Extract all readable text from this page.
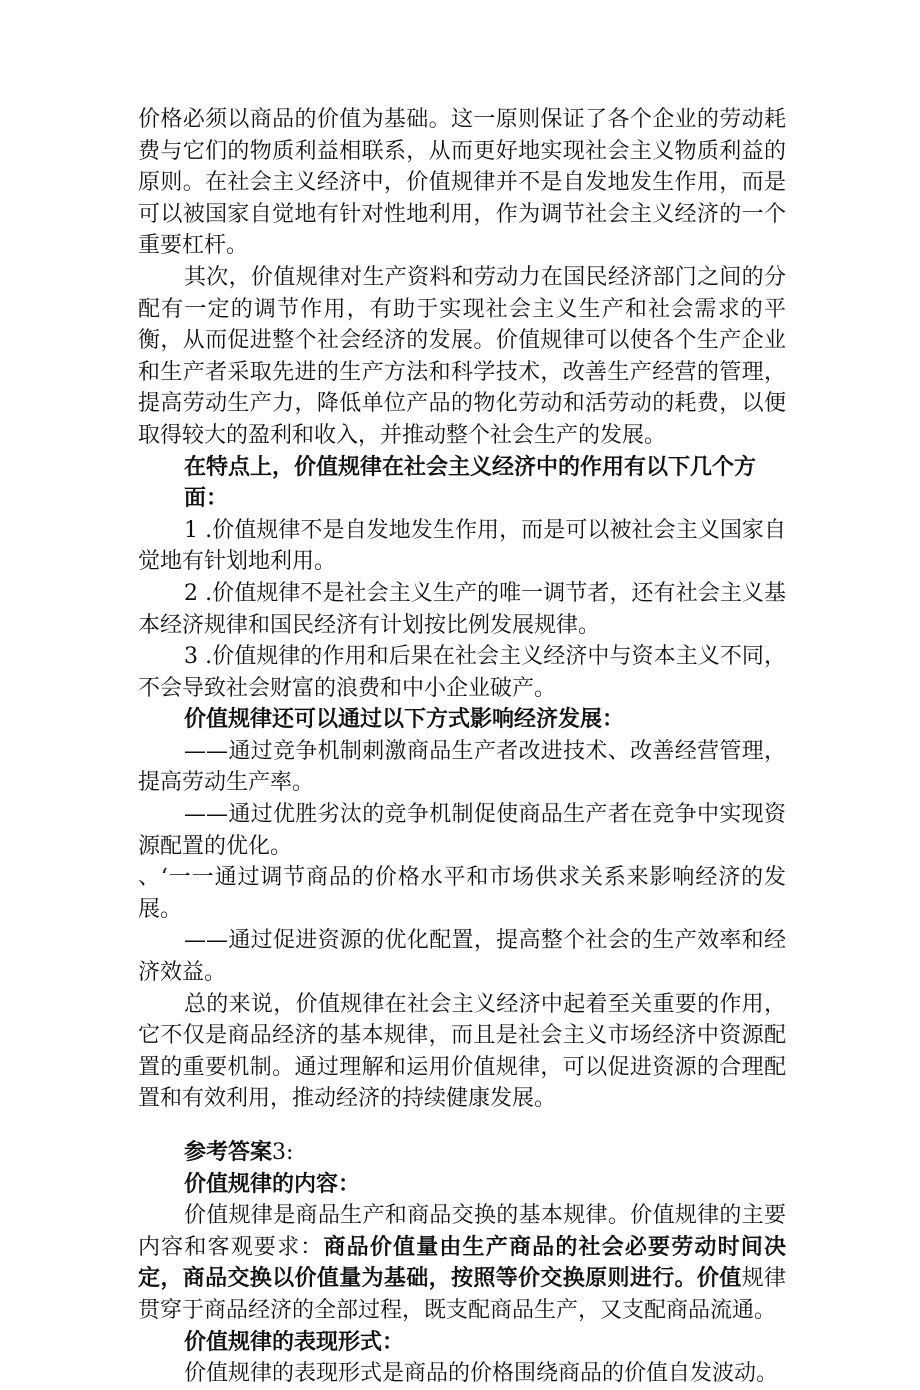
价格必须以商品的价值为基础。这一原则保证了各个企业的劳动耗费与它们的物质利益相联系，从而更好地实现社会主义物质利益的原则。在社会主义经济中，价值规律并不是自发地发生作用，而是可以被国家自觉地有针对性地利用，作为调节社会主义经济的一个重要杠杆。

其次，价值规律对生产资料和劳动力在国民经济部门之间的分配有一定的调节作用，有助于实现社会主义生产和社会需求的平衡，从而促进整个社会经济的发展。价值规律可以使各个生产企业和生产者采取先进的生产方法和科学技术，改善生产经营的管理，提高劳动生产力，降低单位产品的物化劳动和活劳动的耗费，以便取得较大的盈利和收入，并推动整个社会生产的发展。

在特点上，价值规律在社会主义经济中的作用有以下几个方面：

1 .价值规律不是自发地发生作用，而是可以被社会主义国家自觉地有针划地利用。

2 .价值规律不是社会主义生产的唯一调节者，还有社会主义基本经济规律和国民经济有计划按比例发展规律。

3 .价值规律的作用和后果在社会主义经济中与资本主义不同，不会导致社会财富的浪费和中小企业破产。

价值规律还可以通过以下方式影响经济发展：

——通过竞争机制刺激商品生产者改进技术、改善经营管理，提高劳动生产率。

——通过优胜劣汰的竞争机制促使商品生产者在竞争中实现资源配置的优化。

、‘一一通过调节商品的价格水平和市场供求关系来影响经济的发展。

——通过促进资源的优化配置，提高整个社会的生产效率和经济效益。

总的来说，价值规律在社会主义经济中起着至关重要的作用，它不仅是商品经济的基本规律，而且是社会主义市场经济中资源配置的重要机制。通过理解和运用价值规律，可以促进资源的合理配置和有效利用，推动经济的持续健康发展。

参考答案3:

价值规律的内容：

价值规律是商品生产和商品交换的基本规律。价值规律的主要内容和客观要求：商品价值量由生产商品的社会必要劳动时间决定，商品交换以价值量为基础，按照等价交换原则进行。价值规律贯穿于商品经济的全部过程，既支配商品生产，又支配商品流通。

价值规律的表现形式：

价值规律的表现形式是商品的价格围绕商品的价值自发波动。
